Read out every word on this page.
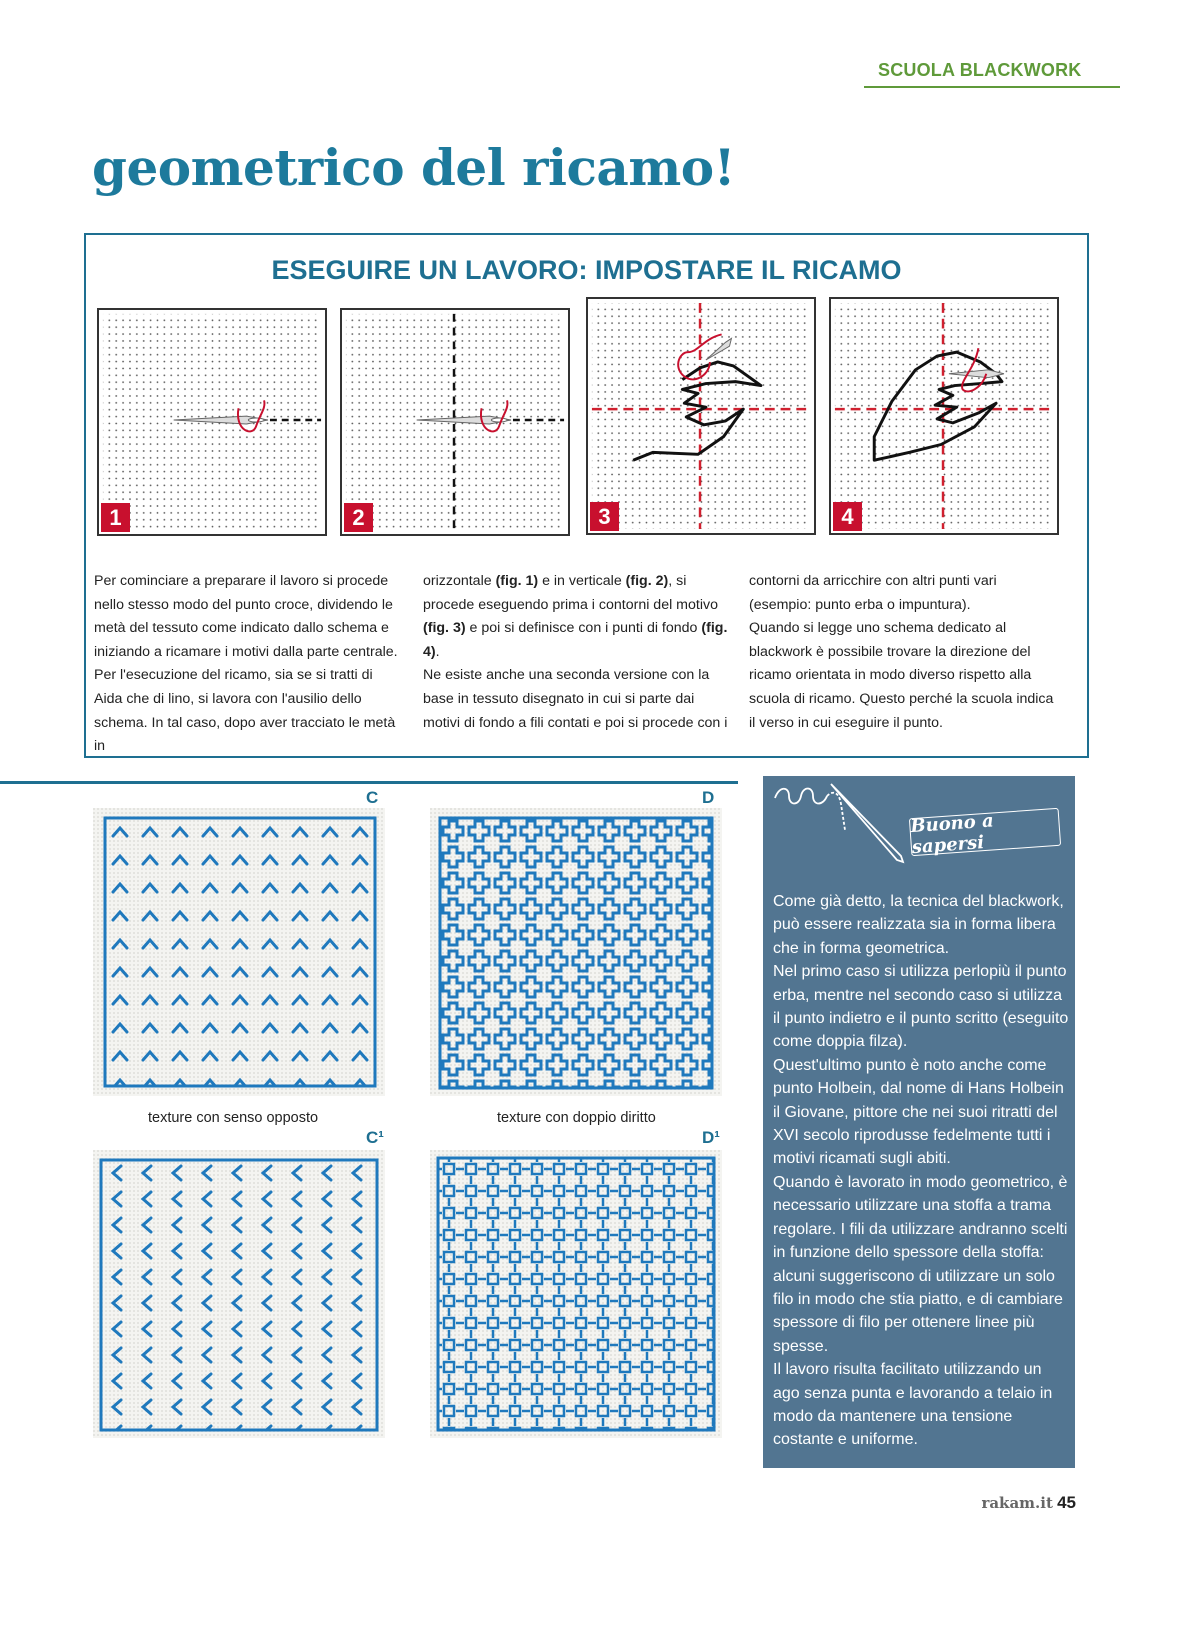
SCUOLA BLACKWORK
geometrico del ricamo!
ESEGUIRE UN LAVORO: IMPOSTARE IL RICAMO
1	2	3	4

Per cominciare a preparare il lavoro si procede nello stesso modo del punto croce, dividendo le metà del tessuto come indicato dallo schema e iniziando a ricamare i motivi dalla parte centrale. Per l'esecuzione del ricamo, sia se si tratti di Aida che di lino, si lavora con l'ausilio dello schema. In tal caso, dopo aver tracciato le metà in

orizzontale (fig. 1) e in verticale (fig. 2), si procede eseguendo prima i contorni del motivo (fig. 3) e poi si definisce con i punti di fondo (fig. 4).

Ne esiste anche una seconda versione con la base in tessuto disegnato in cui si parte dai motivi di fondo a fili contati e poi si procede con i

contorni da arricchire con altri punti vari (esempio: punto erba o impuntura).

Quando si legge uno schema dedicato al blackwork è possibile trovare la direzione del ricamo orientata in modo diverso rispetto alla scuola di ricamo. Questo perché la scuola indica il verso in cui eseguire il punto.

C
texture con senso opposto
D
texture con doppio diritto
C¹	D¹
Buono a sapersi

Come già detto, la tecnica del blackwork, può essere realizzata sia in forma libera che in forma geometrica.

Nel primo caso si utilizza perlopiù il punto erba, mentre nel secondo caso si utilizza il punto indietro e il punto scritto (eseguito come doppia filza).

Quest'ultimo punto è noto anche come punto Holbein, dal nome di Hans Holbein il Giovane, pittore che nei suoi ritratti del XVI secolo riprodusse fedelmente tutti i motivi ricamati sugli abiti.

Quando è lavorato in modo geometrico, è necessario utilizzare una stoffa a trama regolare. I fili da utilizzare andranno scelti in funzione dello spessore della stoffa: alcuni suggeriscono di utilizzare un solo filo in modo che stia piatto, e di cambiare spessore di filo per ottenere linee più spesse.

Il lavoro risulta facilitato utilizzando un ago senza punta e lavorando a telaio in modo da mantenere una tensione costante e uniforme.

rakam.it 45
